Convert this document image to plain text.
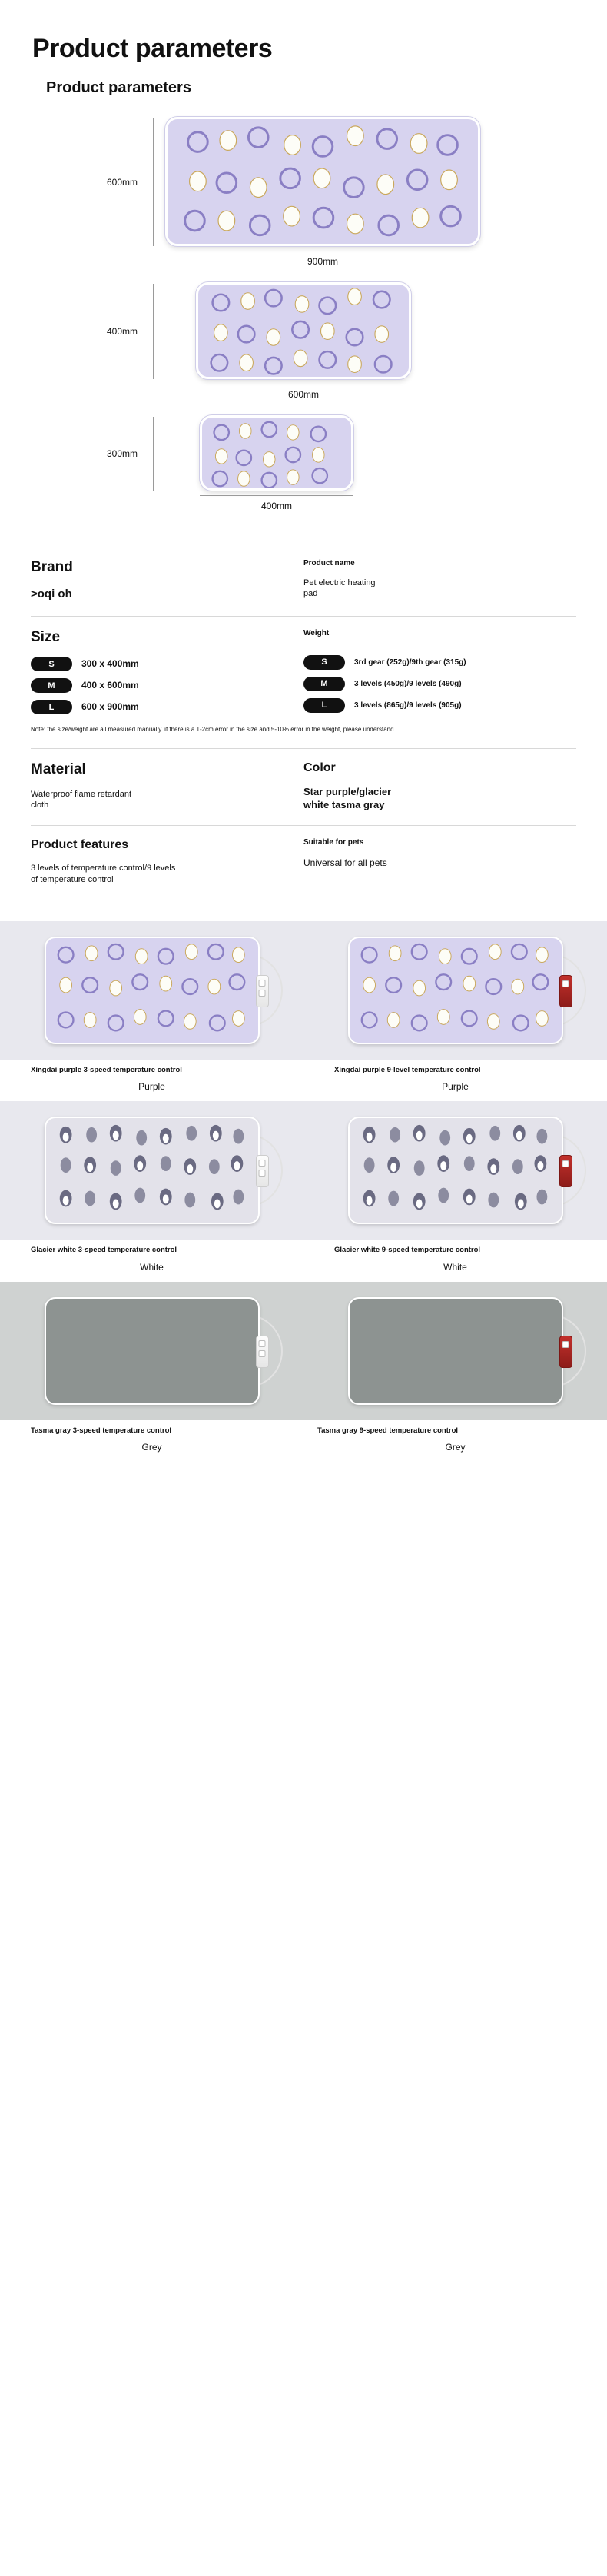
Product parameters
Product parameters
600mm
900mm
400mm
600mm
300mm
400mm
Brand
>oqi oh
Product name
Pet electric heating pad
Size
S	300 x 400mm
M	400 x 600mm
L	600 x 900mm
Weight
S	3rd gear (252g)/9th gear (315g)
M	3 levels (450g)/9 levels (490g)
L	3 levels (865g)/9 levels (905g)
Note: the size/weight are all measured manually. if there is a 1-2cm error in the size and 5-10% error in the weight, please understand
Material
Waterproof flame retardant cloth
Color
Star purple/glacier white tasma gray
Product features
3 levels of temperature control/9 levels of temperature control
Suitable for pets
Universal for all pets
Xingdai purple 3-speed temperature control
Purple
Xingdai purple 9-level temperature control
Purple
Glacier white 3-speed temperature control
White
Glacier white 9-speed temperature control
White
Tasma gray 3-speed temperature control
Grey
Tasma gray 9-speed temperature control
Grey
